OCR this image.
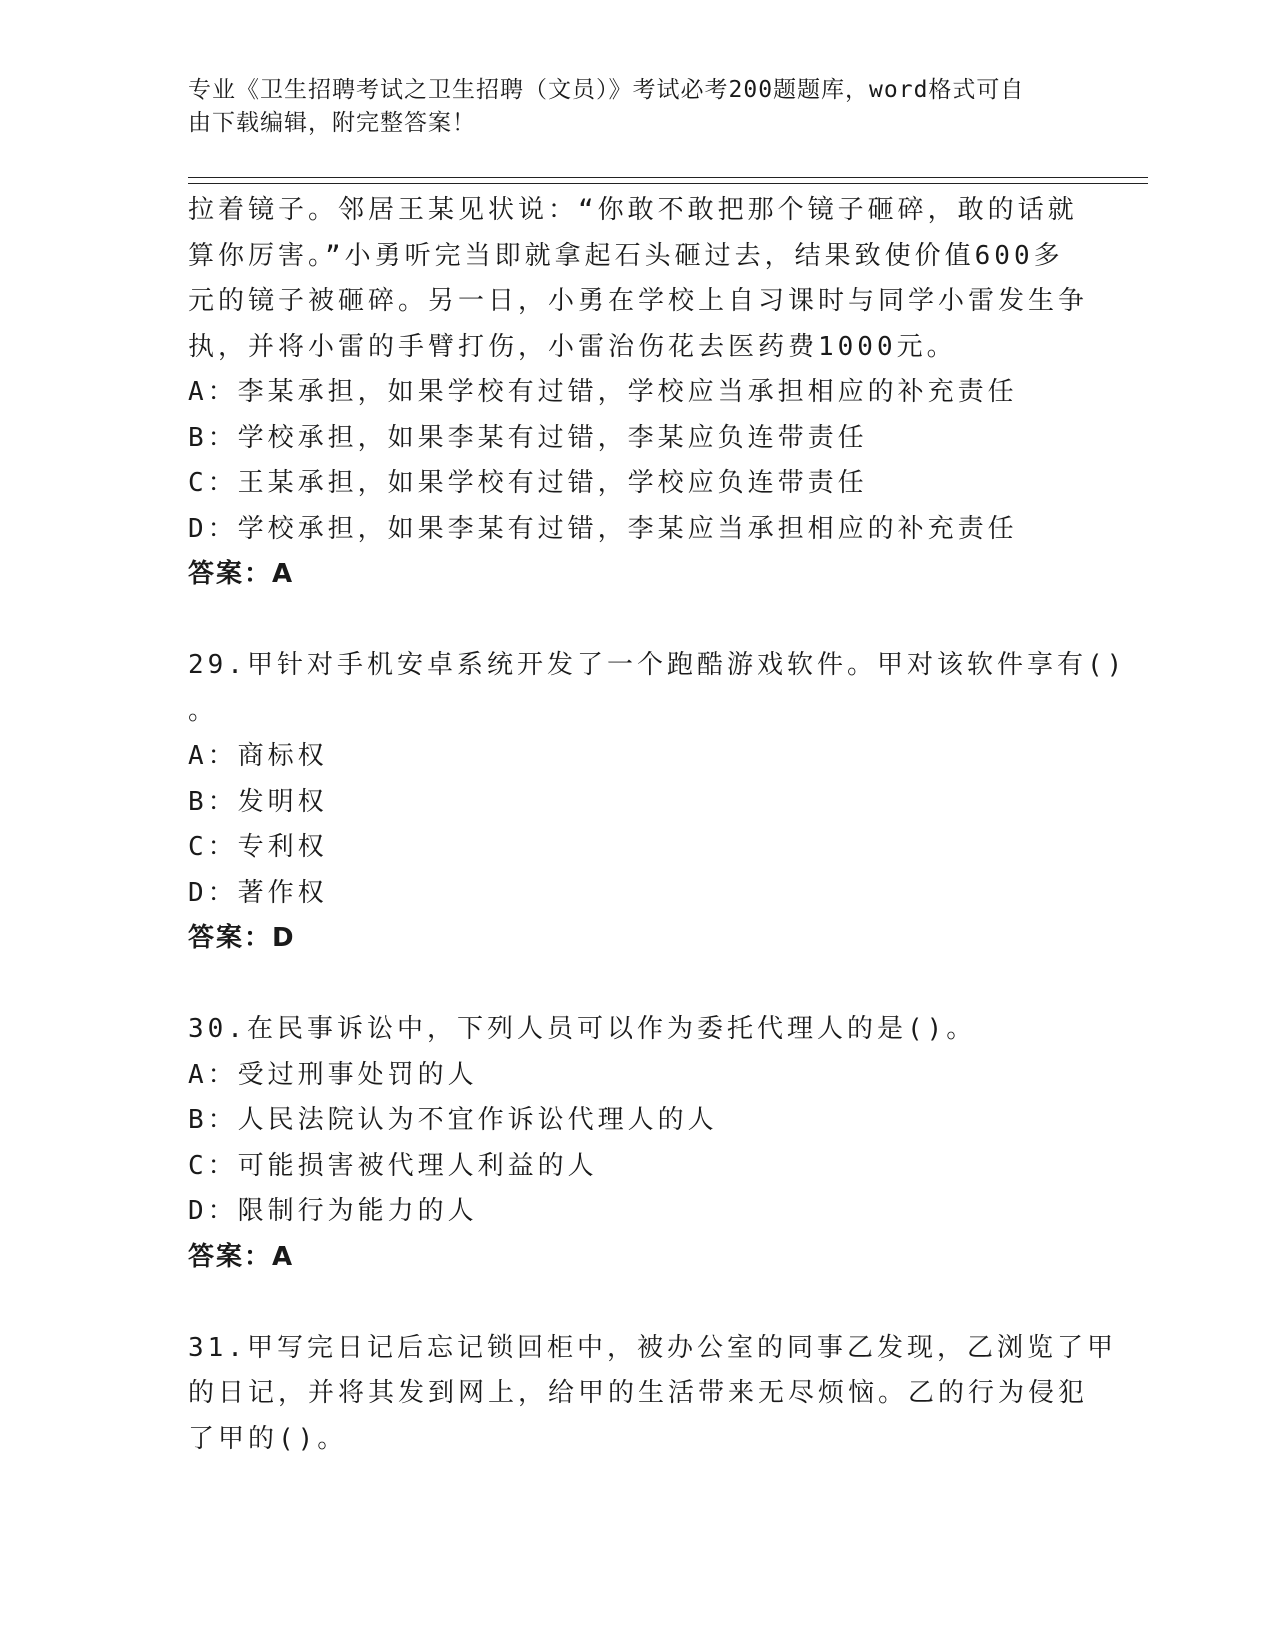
专业《卫生招聘考试之卫生招聘（文员）》考试必考200题题库，word格式可自
由下载编辑，附完整答案！
拉着镜子。邻居王某见状说：“你敢不敢把那个镜子砸碎，敢的话就
算你厉害。”小勇听完当即就拿起石头砸过去，结果致使价值600多
元的镜子被砸碎。另一日，小勇在学校上自习课时与同学小雷发生争
执，并将小雷的手臂打伤，小雷治伤花去医药费1000元。
A：李某承担，如果学校有过错，学校应当承担相应的补充责任
B：学校承担，如果李某有过错，李某应负连带责任
C：王某承担，如果学校有过错，学校应负连带责任
D：学校承担，如果李某有过错，李某应当承担相应的补充责任
答案：A
29.甲针对手机安卓系统开发了一个跑酷游戏软件。甲对该软件享有()
。
A：商标权
B：发明权
C：专利权
D：著作权
答案：D
30.在民事诉讼中，下列人员可以作为委托代理人的是()。
A：受过刑事处罚的人
B：人民法院认为不宜作诉讼代理人的人
C：可能损害被代理人利益的人
D：限制行为能力的人
答案：A
31.甲写完日记后忘记锁回柜中，被办公室的同事乙发现，乙浏览了甲
的日记，并将其发到网上，给甲的生活带来无尽烦恼。乙的行为侵犯
了甲的()。
